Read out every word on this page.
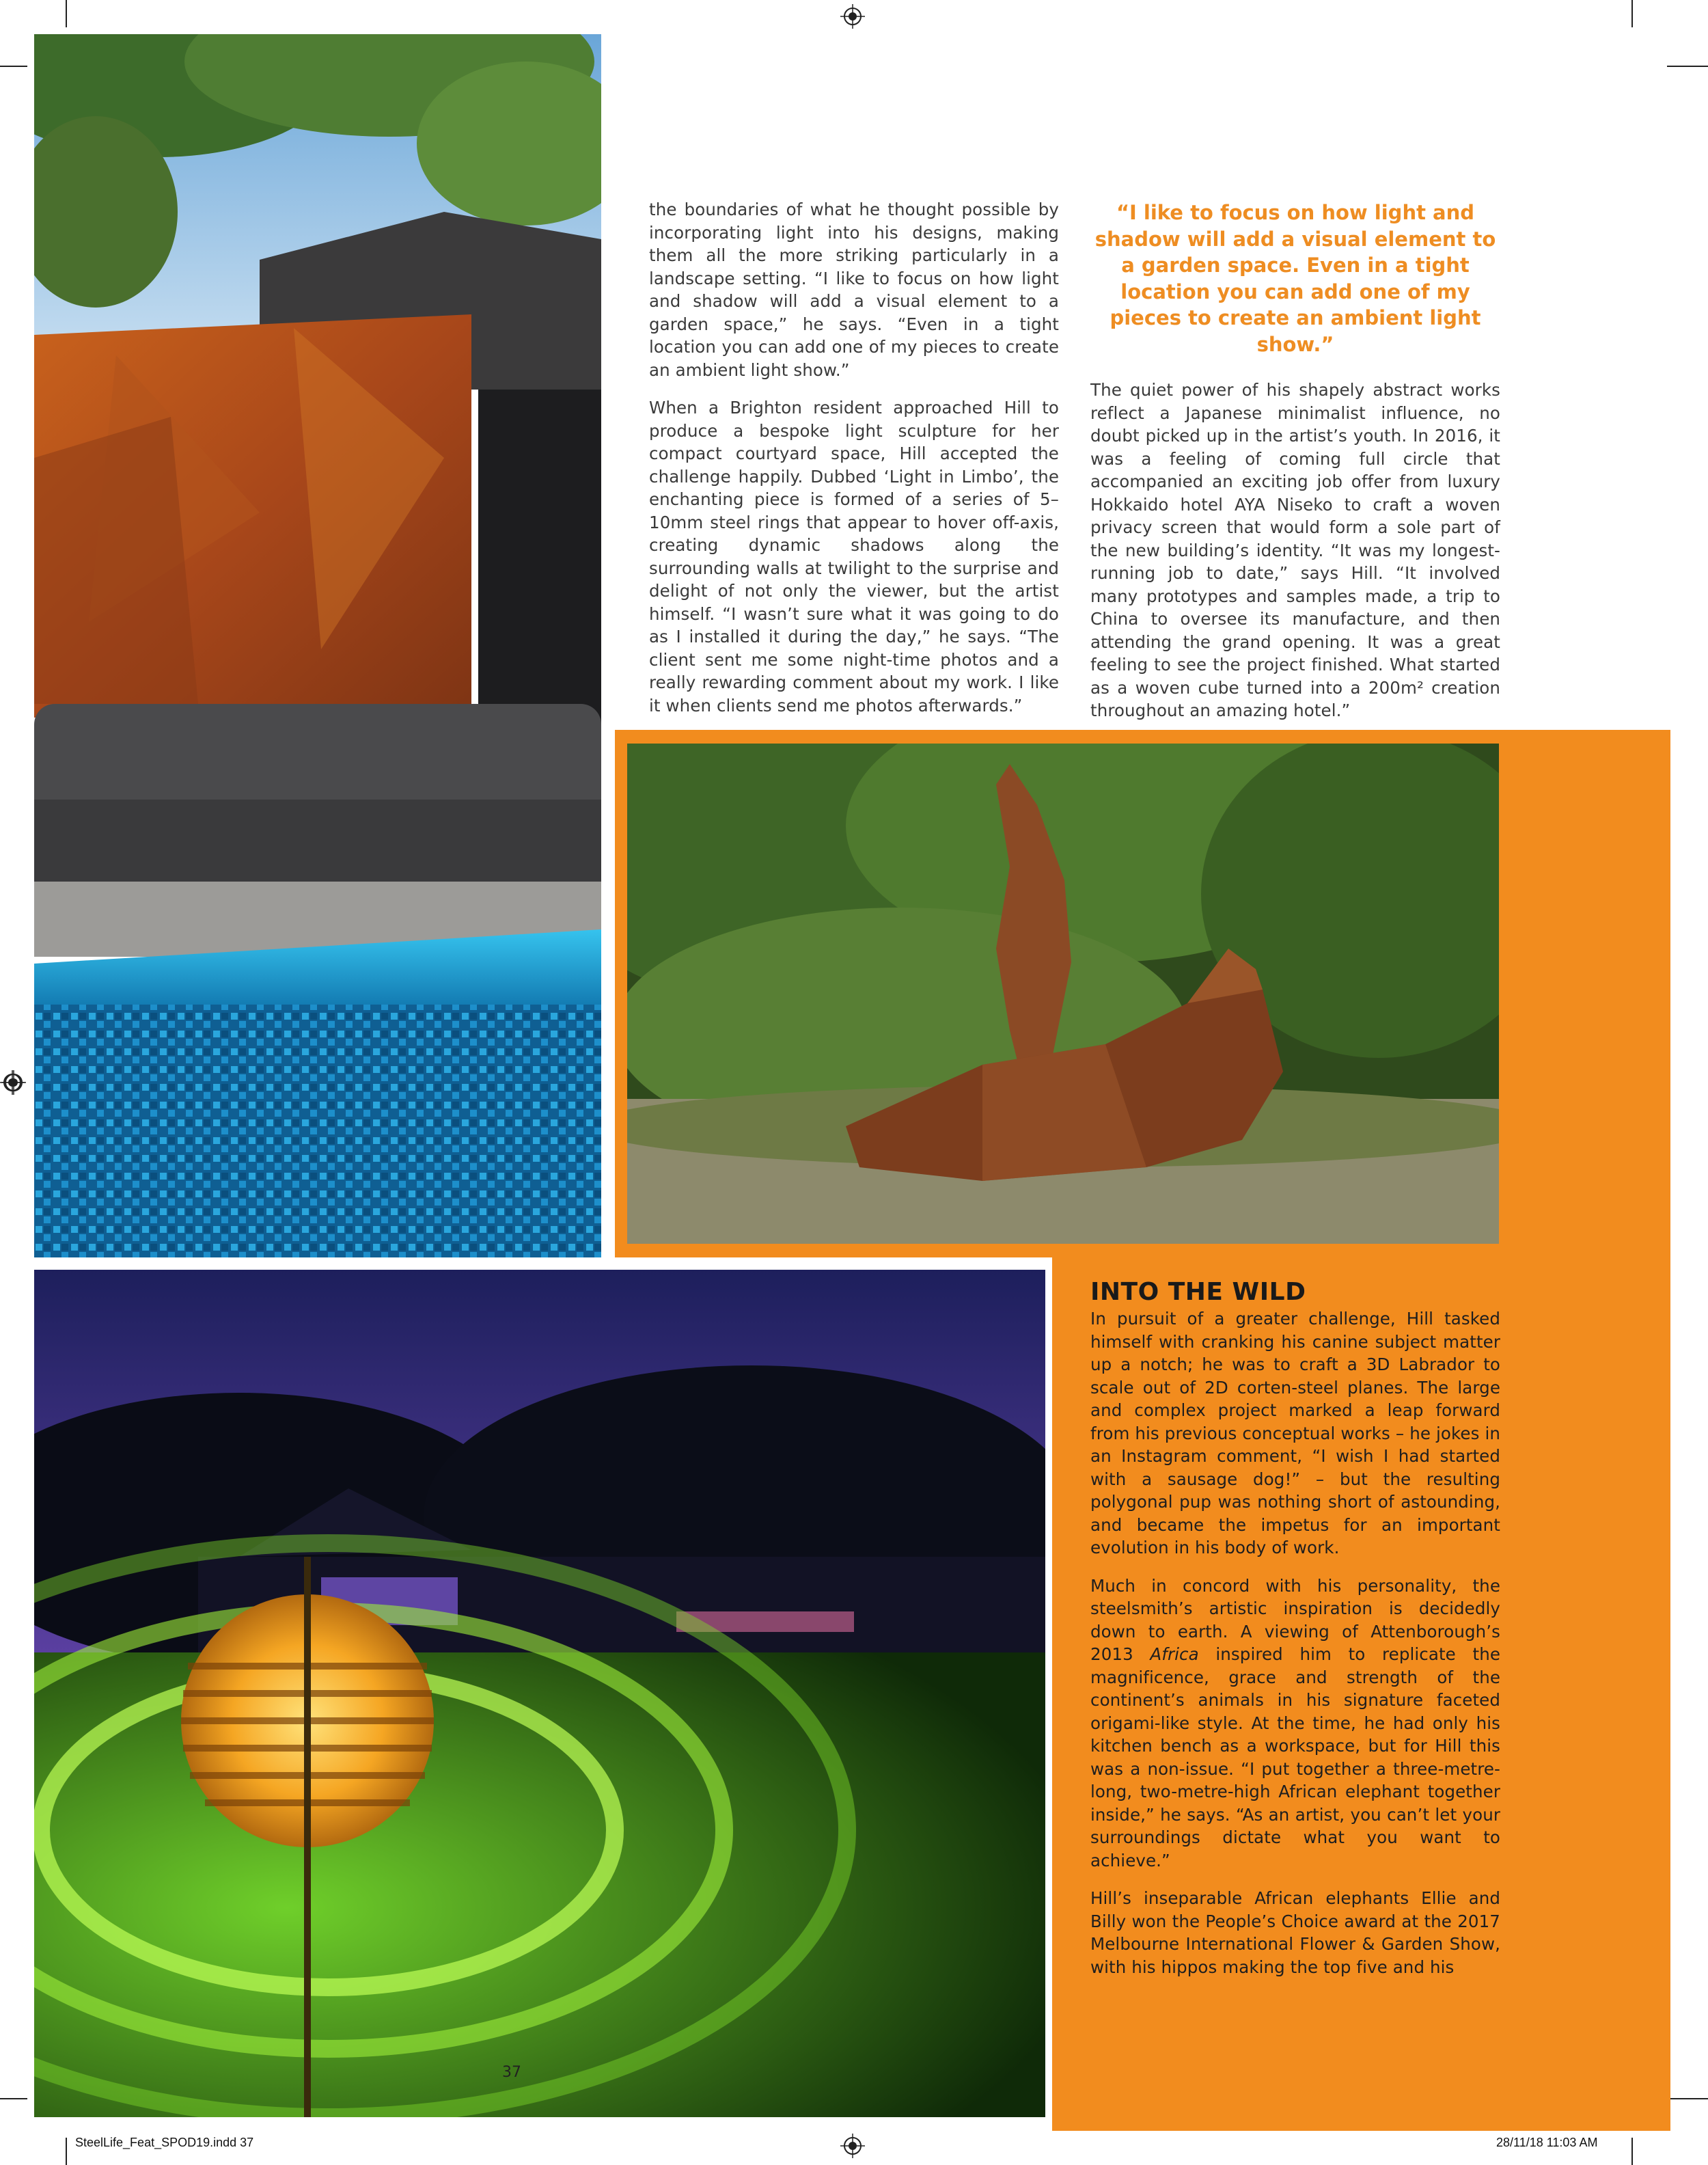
the boundaries of what he thought possible by incorporating light into his designs, making them all the more striking particularly in a landscape setting. “I like to focus on how light and shadow will add a visual element to a garden space,” he says. “Even in a tight location you can add one of my pieces to create an ambient light show.”

When a Brighton resident approached Hill to produce a bespoke light sculpture for her compact courtyard space, Hill accepted the challenge happily. Dubbed ‘Light in Limbo’, the enchanting piece is formed of a series of 5–10mm steel rings that appear to hover off-axis, creating dynamic shadows along the surrounding walls at twilight to the surprise and delight of not only the viewer, but the artist himself. “I wasn’t sure what it was going to do as I installed it during the day,” he says. “The client sent me some night-time photos and a really rewarding comment about my work. I like it when clients send me photos afterwards.”

“I like to focus on how light and shadow will add a visual element to a garden space. Even in a tight location you can add one of my pieces to create an ambient light show.”

The quiet power of his shapely abstract works reflect a Japanese minimalist influence, no doubt picked up in the artist’s youth. In 2016, it was a feeling of coming full circle that accompanied an exciting job offer from luxury Hokkaido hotel AYA Niseko to craft a woven privacy screen that would form a sole part of the new building’s identity. “It was my longest-running job to date,” says Hill. “It involved many prototypes and samples made, a trip to China to oversee its manufacture, and then attending the grand opening. It was a great feeling to see the project finished. What started as a woven cube turned into a 200m² creation throughout an amazing hotel.”

INTO THE WILD

In pursuit of a greater challenge, Hill tasked himself with cranking his canine subject matter up a notch; he was to craft a 3D Labrador to scale out of 2D corten-steel planes. The large and complex project marked a leap forward from his previous conceptual works – he jokes in an Instagram comment, “I wish I had started with a sausage dog!” – but the resulting polygonal pup was nothing short of astounding, and became the impetus for an important evolution in his body of work.

Much in concord with his personality, the steelsmith’s artistic inspiration is decidedly down to earth. A viewing of Attenborough’s 2013 Africa inspired him to replicate the magnificence, grace and strength of the continent’s animals in his signature faceted origami-like style. At the time, he had only his kitchen bench as a workspace, but for Hill this was a non-issue. “I put together a three-metre-long, two-metre-high African elephant together inside,” he says. “As an artist, you can’t let your surroundings dictate what you want to achieve.”

Hill’s inseparable African elephants Ellie and Billy won the People’s Choice award at the 2017 Melbourne International Flower & Garden Show, with his hippos making the top five and his

37
SteelLife_Feat_SPOD19.indd 37	28/11/18 11:03 AM
